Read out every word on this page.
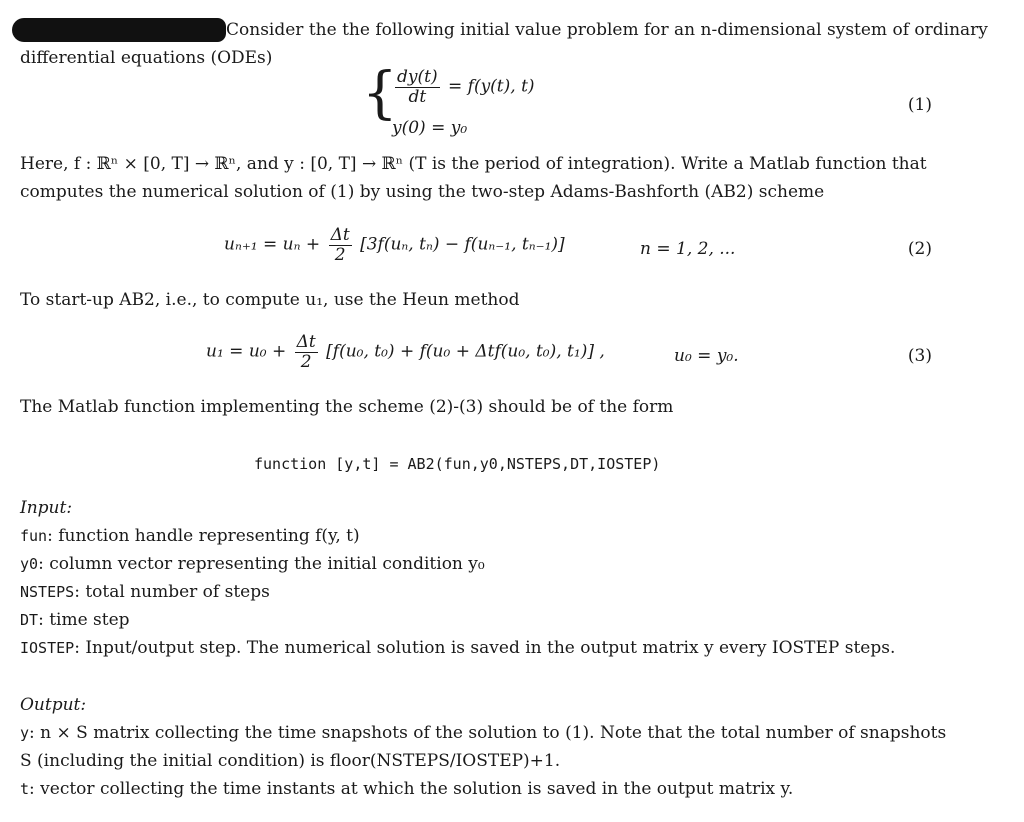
Consider the the following initial value problem for an n-dimensional system of ordinary
differential equations (ODEs)
{
$\frac{dy(t)}{dt} = f(y(t)$, t)
y(0) = y₀
(1)
Here, f : ℝⁿ × [0, T] → ℝⁿ, and y : [0, T] → ℝⁿ (T is the period of integration). Write a Matlab function that
computes the numerical solution of (1) by using the two-step Adams-Bashforth (AB2) scheme
$u_{n+1} = u_n + \frac{\Delta t}{2} [3f(u_n$, tₙ) − f(uₙ₋₁, tₙ₋₁)]	n = 1, 2, ...	(2)
To start-up AB2, i.e., to compute u₁, use the Heun method
$u_1 = u_0 + \frac{\Delta t}{2} [f(u_0$, t₀) + f(u₀ + Δtf(u₀, t₀), t₁)] ,	u₀ = y₀.	(3)
The Matlab function implementing the scheme (2)-(3) should be of the form
function [y,t] = AB2(fun,y0,NSTEPS,DT,IOSTEP)
Input:
fun: function handle representing f(y, t)
y0: column vector representing the initial condition y₀
NSTEPS: total number of steps
DT: time step
IOSTEP: Input/output step. The numerical solution is saved in the output matrix y every IOSTEP steps.
Output:
y: n × S matrix collecting the time snapshots of the solution to (1). Note that the total number of snapshots
S (including the initial condition) is floor(NSTEPS/IOSTEP)+1.
t: vector collecting the time instants at which the solution is saved in the output matrix y.
